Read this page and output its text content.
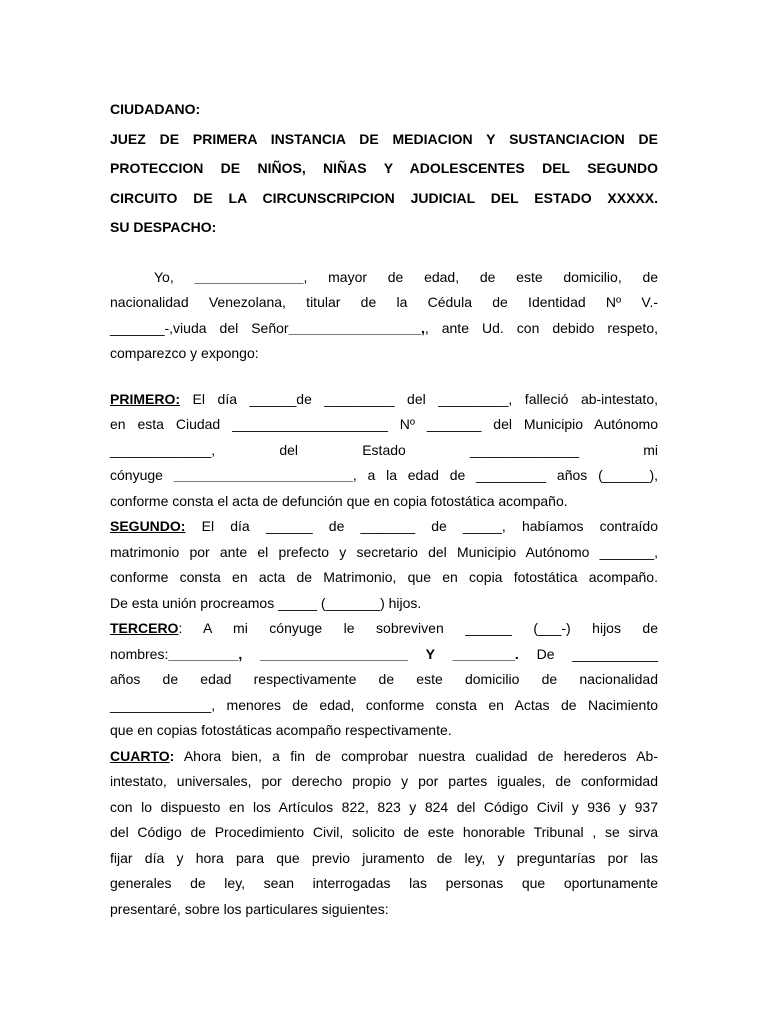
CIUDADANO:
JUEZ DE PRIMERA INSTANCIA DE MEDIACION Y SUSTANCIACION DE
PROTECCION DE NIÑOS, NIÑAS Y ADOLESCENTES DEL SEGUNDO
CIRCUITO DE LA CIRCUNSCRIPCION JUDICIAL DEL ESTADO XXXXX.
SU DESPACHO:
Yo, ______________, mayor de edad, de este domicilio, de
nacionalidad Venezolana, titular de la Cédula de Identidad Nº V.-
_______-,viuda del Señor_________________,, ante Ud. con debido respeto,
comparezco y expongo:
PRIMERO: El día ______de _________ del _________, falleció ab-intestato,
en esta Ciudad ____________________ Nº _______ del Municipio Autónomo
_____________, del Estado ______________ mi
cónyuge _______________________, a la edad de _________ años (______),
conforme consta el acta de defunción que en copia fotostática acompaño.
SEGUNDO: El día ______ de _______ de _____, habíamos contraído
matrimonio por ante el prefecto y secretario del Municipio Autónomo _______,
conforme consta en acta de Matrimonio, que en copia fotostática acompaño.
De esta unión procreamos _____ (_______) hijos.
TERCERO: A mi cónyuge le sobreviven ______ (___-) hijos de
nombres:_________, ___________________ Y ________. De ___________
años de edad respectivamente de este domicilio de nacionalidad
_____________, menores de edad, conforme consta en Actas de Nacimiento
que en copias fotostáticas acompaño respectivamente.
CUARTO: Ahora bien, a fin de comprobar nuestra cualidad de herederos Ab-
intestato, universales, por derecho propio y por partes iguales, de conformidad
con lo dispuesto en los Artículos 822, 823 y 824 del Código Civil y 936 y 937
del Código de Procedimiento Civil, solicito de este honorable Tribunal , se sirva
fijar día y hora para que previo juramento de ley, y preguntarías por las
generales de ley, sean interrogadas las personas que oportunamente
presentaré, sobre los particulares siguientes:
